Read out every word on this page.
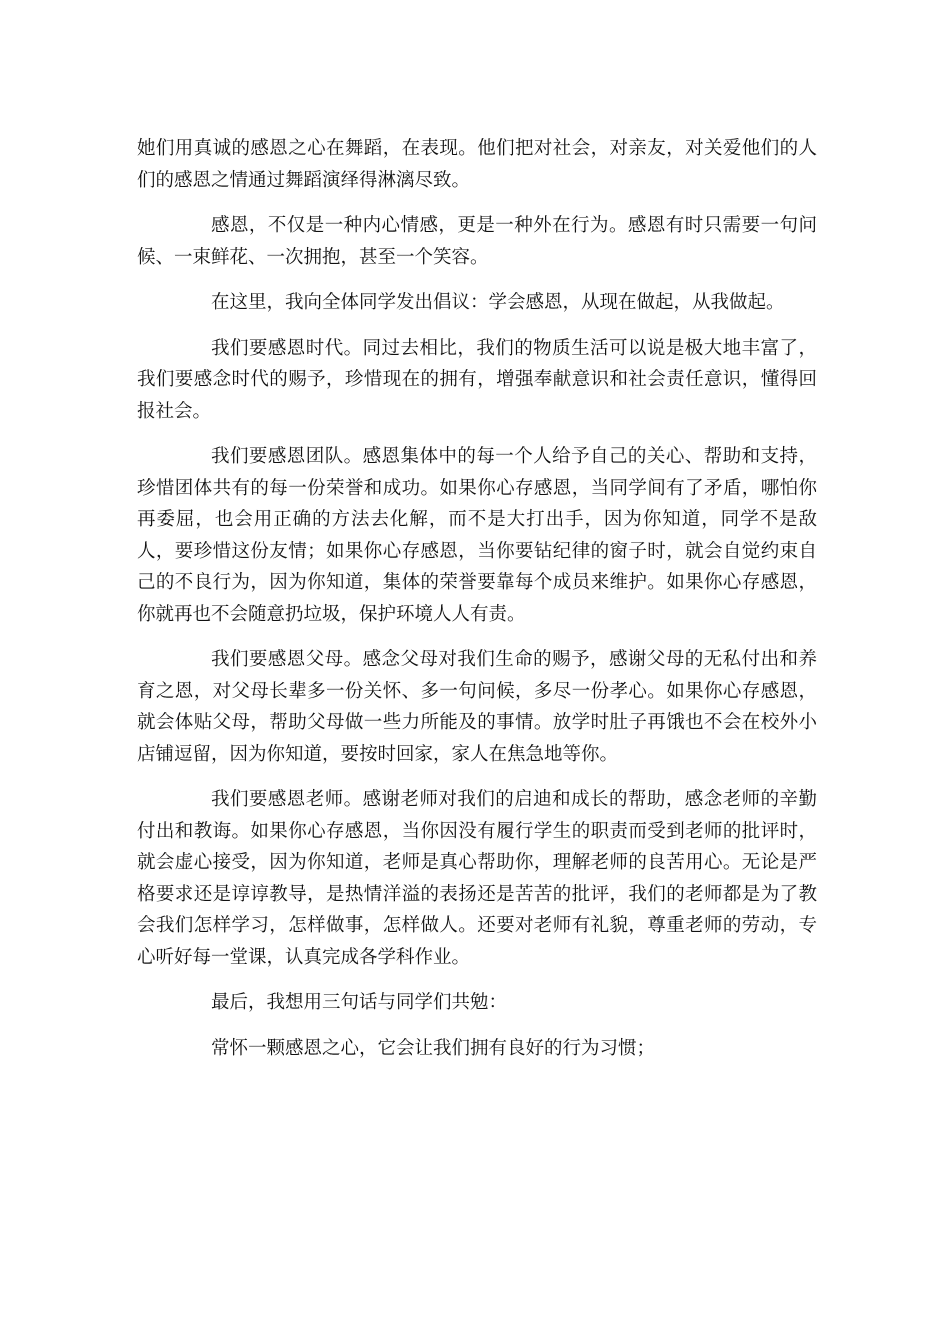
她们用真诚的感恩之心在舞蹈，在表现。他们把对社会，对亲友，对关爱他们的人们的感恩之情通过舞蹈演绎得淋漓尽致。

感恩，不仅是一种内心情感，更是一种外在行为。感恩有时只需要一句问候、一束鲜花、一次拥抱，甚至一个笑容。

在这里，我向全体同学发出倡议：学会感恩，从现在做起，从我做起。

我们要感恩时代。同过去相比，我们的物质生活可以说是极大地丰富了，我们要感念时代的赐予，珍惜现在的拥有，增强奉献意识和社会责任意识，懂得回报社会。

我们要感恩团队。感恩集体中的每一个人给予自己的关心、帮助和支持，珍惜团体共有的每一份荣誉和成功。如果你心存感恩，当同学间有了矛盾，哪怕你再委屈，也会用正确的方法去化解，而不是大打出手，因为你知道，同学不是敌人，要珍惜这份友情；如果你心存感恩，当你要钻纪律的窗子时，就会自觉约束自己的不良行为，因为你知道，集体的荣誉要靠每个成员来维护。如果你心存感恩，你就再也不会随意扔垃圾，保护环境人人有责。

我们要感恩父母。感念父母对我们生命的赐予，感谢父母的无私付出和养育之恩，对父母长辈多一份关怀、多一句问候，多尽一份孝心。如果你心存感恩，就会体贴父母，帮助父母做一些力所能及的事情。放学时肚子再饿也不会在校外小店铺逗留，因为你知道，要按时回家，家人在焦急地等你。

我们要感恩老师。感谢老师对我们的启迪和成长的帮助，感念老师的辛勤付出和教诲。如果你心存感恩，当你因没有履行学生的职责而受到老师的批评时，就会虚心接受，因为你知道，老师是真心帮助你，理解老师的良苦用心。无论是严格要求还是谆谆教导，是热情洋溢的表扬还是苦苦的批评，我们的老师都是为了教会我们怎样学习，怎样做事，怎样做人。还要对老师有礼貌，尊重老师的劳动，专心听好每一堂课，认真完成各学科作业。

最后，我想用三句话与同学们共勉：

常怀一颗感恩之心，它会让我们拥有良好的行为习惯；
